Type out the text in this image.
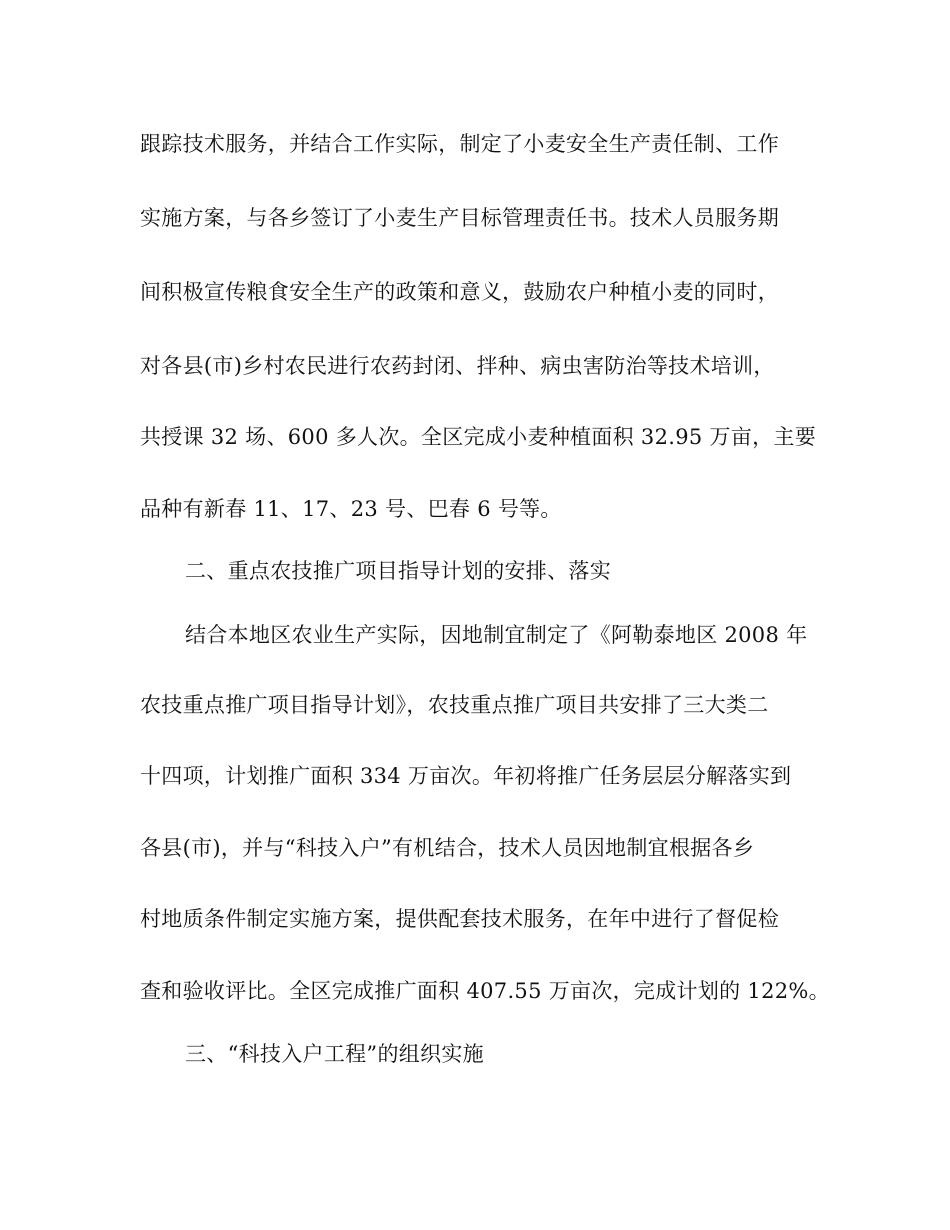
跟踪技术服务，并结合工作实际，制定了小麦安全生产责任制、工作
实施方案，与各乡签订了小麦生产目标管理责任书。技术人员服务期
间积极宣传粮食安全生产的政策和意义，鼓励农户种植小麦的同时，
对各县(市)乡村农民进行农药封闭、拌种、病虫害防治等技术培训，
共授课 32 场、600 多人次。全区完成小麦种植面积 32.95 万亩，主要
品种有新春 11、17、23 号、巴春 6 号等。
二、重点农技推广项目指导计划的安排、落实
结合本地区农业生产实际，因地制宜制定了《阿勒泰地区 2008 年
农技重点推广项目指导计划》，农技重点推广项目共安排了三大类二
十四项，计划推广面积 334 万亩次。年初将推广任务层层分解落实到
各县(市)，并与“科技入户”有机结合，技术人员因地制宜根据各乡
村地质条件制定实施方案，提供配套技术服务，在年中进行了督促检
查和验收评比。全区完成推广面积 407.55 万亩次，完成计划的 122%。
三、“科技入户工程”的组织实施
